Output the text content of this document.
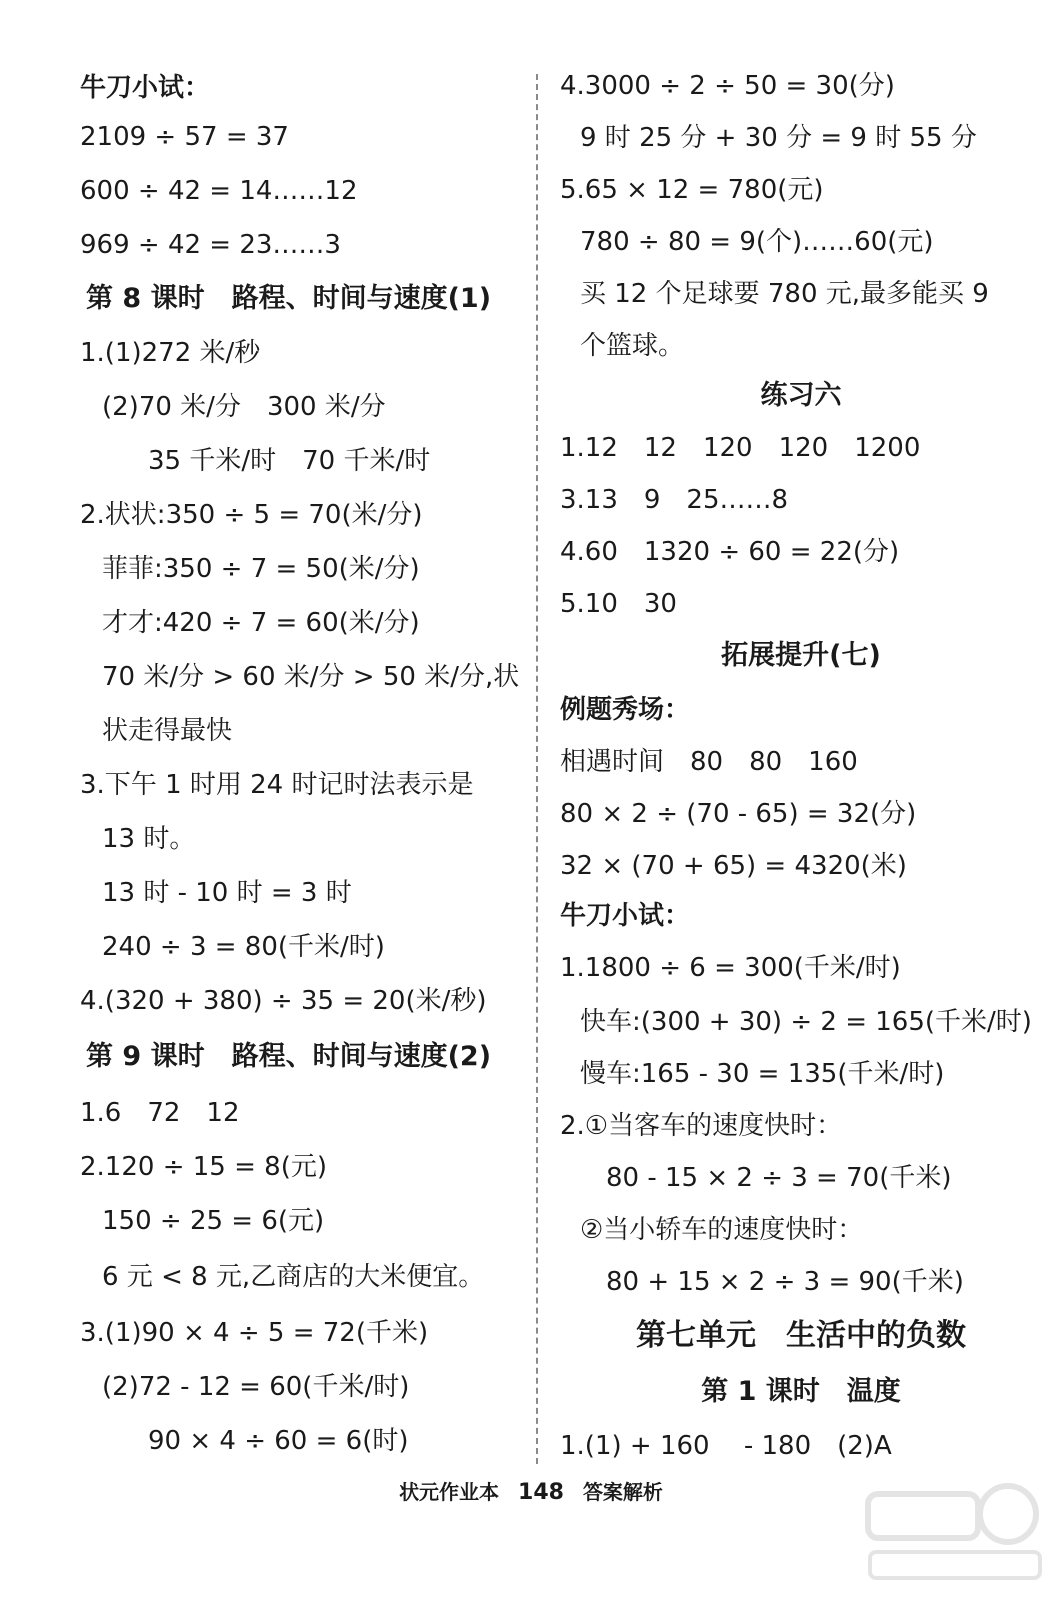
牛刀小试：
2109 ÷ 57 = 37
600 ÷ 42 = 14……12
969 ÷ 42 = 23……3
第 8 课时　路程、时间与速度(1)
1.(1)272 米/秒
(2)70 米/分　300 米/分
35 千米/时　70 千米/时
2.状状:350 ÷ 5 = 70(米/分)
菲菲:350 ÷ 7 = 50(米/分)
才才:420 ÷ 7 = 60(米/分)
70 米/分 > 60 米/分 > 50 米/分,状
状走得最快
3.下午 1 时用 24 时记时法表示是
13 时。
13 时 - 10 时 = 3 时
240 ÷ 3 = 80(千米/时)
4.(320 + 380) ÷ 35 = 20(米/秒)
第 9 课时　路程、时间与速度(2)
1.6　72　12
2.120 ÷ 15 = 8(元)
150 ÷ 25 = 6(元)
6 元 < 8 元,乙商店的大米便宜。
3.(1)90 × 4 ÷ 5 = 72(千米)
(2)72 - 12 = 60(千米/时)
90 × 4 ÷ 60 = 6(时)
4.3000 ÷ 2 ÷ 50 = 30(分)
9 时 25 分 + 30 分 = 9 时 55 分
5.65 × 12 = 780(元)
780 ÷ 80 = 9(个)……60(元)
买 12 个足球要 780 元,最多能买 9
个篮球。
练习六
1.12　12　120　120　1200
3.13　9　25……8
4.60　1320 ÷ 60 = 22(分)
5.10　30
拓展提升(七)
例题秀场：
相遇时间　80　80　160
80 × 2 ÷ (70 - 65) = 32(分)
32 × (70 + 65) = 4320(米)
牛刀小试：
1.1800 ÷ 6 = 300(千米/时)
快车:(300 + 30) ÷ 2 = 165(千米/时)
慢车:165 - 30 = 135(千米/时)
2.①当客车的速度快时：
80 - 15 × 2 ÷ 3 = 70(千米)
②当小轿车的速度快时：
80 + 15 × 2 ÷ 3 = 90(千米)
第七单元　生活中的负数
第 1 课时　温度
1.(1) + 160　 - 180　(2)A
状元作业本 148 答案解析
